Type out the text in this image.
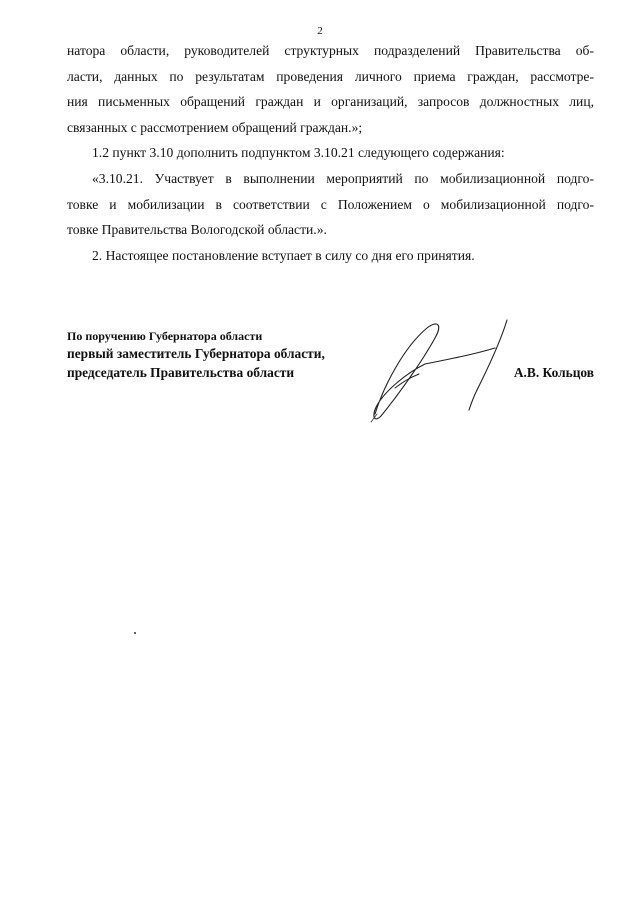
2
натора области, руководителей структурных подразделений Правительства об-
ласти, данных по результатам проведения личного приема граждан, рассмотре-
ния письменных обращений граждан и организаций, запросов должностных лиц,
связанных с рассмотрением обращений граждан.»;
1.2 пункт 3.10 дополнить подпунктом 3.10.21 следующего содержания:
«3.10.21. Участвует в выполнении мероприятий по мобилизационной подго-
товке и мобилизации в соответствии с Положением о мобилизационной подго-
товке Правительства Вологодской области.».
2. Настоящее постановление вступает в силу со дня его принятия.
По поручению Губернатора области
первый заместитель Губернатора области,
председатель Правительства области	А.В. Кольцов
